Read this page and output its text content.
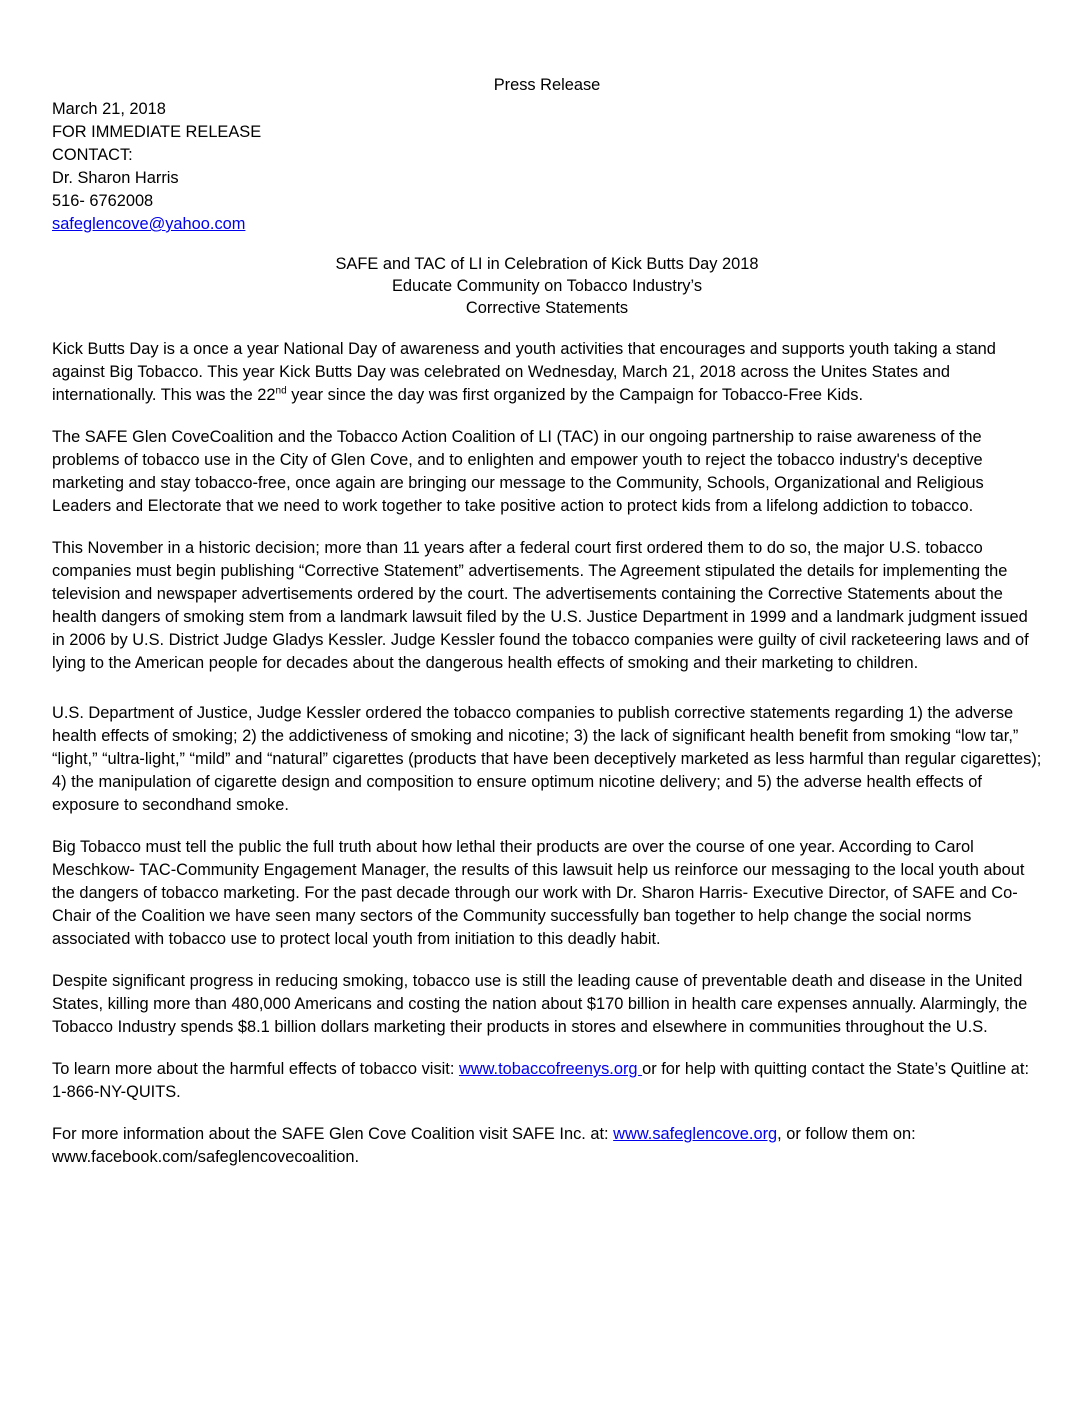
Press Release
March 21, 2018
FOR IMMEDIATE RELEASE
CONTACT:
Dr. Sharon Harris
516- 6762008
safeglencove@yahoo.com
SAFE and TAC of LI in Celebration of Kick Butts Day 2018
Educate Community on Tobacco Industry’s
Corrective Statements

Kick Butts Day is a once a year National Day of awareness and youth activities that encourages and supports youth taking a stand against Big Tobacco. This year Kick Butts Day was celebrated on Wednesday, March 21, 2018 across the Unites States and internationally. This was the 22nd year since the day was first organized by the Campaign for Tobacco-Free Kids.

The SAFE Glen CoveCoalition and the Tobacco Action Coalition of LI (TAC) in our ongoing partnership to raise awareness of the problems of tobacco use in the City of Glen Cove, and to enlighten and empower youth to reject the tobacco industry's deceptive marketing and stay tobacco-free, once again are bringing our message to the Community, Schools, Organizational and Religious Leaders and Electorate that we need to work together to take positive action to protect kids from a lifelong addiction to tobacco.

This November in a historic decision; more than 11 years after a federal court first ordered them to do so, the major U.S. tobacco companies must begin publishing “Corrective Statement” advertisements. The Agreement stipulated the details for implementing the television and newspaper advertisements ordered by the court. The advertisements containing the Corrective Statements about the health dangers of smoking stem from a landmark lawsuit filed by the U.S. Justice Department in 1999 and a landmark judgment issued in 2006 by U.S. District Judge Gladys Kessler. Judge Kessler found the tobacco companies were guilty of civil racketeering laws and of lying to the American people for decades about the dangerous health effects of smoking and their marketing to children.

U.S. Department of Justice, Judge Kessler ordered the tobacco companies to publish corrective statements regarding 1) the adverse health effects of smoking; 2) the addictiveness of smoking and nicotine; 3) the lack of significant health benefit from smoking “low tar,” “light,” “ultra-light,” “mild” and “natural” cigarettes (products that have been deceptively marketed as less harmful than regular cigarettes); 4) the manipulation of cigarette design and composition to ensure optimum nicotine delivery; and 5) the adverse health effects of exposure to secondhand smoke.

Big Tobacco must tell the public the full truth about how lethal their products are over the course of one year. According to Carol Meschkow- TAC-Community Engagement Manager, the results of this lawsuit help us reinforce our messaging to the local youth about the dangers of tobacco marketing. For the past decade through our work with Dr. Sharon Harris- Executive Director, of SAFE and Co-Chair of the Coalition we have seen many sectors of the Community successfully ban together to help change the social norms associated with tobacco use to protect local youth from initiation to this deadly habit.

Despite significant progress in reducing smoking, tobacco use is still the leading cause of preventable death and disease in the United States, killing more than 480,000 Americans and costing the nation about $170 billion in health care expenses annually. Alarmingly, the Tobacco Industry spends $8.1 billion dollars marketing their products in stores and elsewhere in communities throughout the U.S.

To learn more about the harmful effects of tobacco visit: www.tobaccofreenys.org or for help with quitting contact the State’s Quitline at: 1-866-NY-QUITS.

For more information about the SAFE Glen Cove Coalition visit SAFE Inc. at: www.safeglencove.org, or follow them on: www.facebook.com/safeglencovecoalition.
